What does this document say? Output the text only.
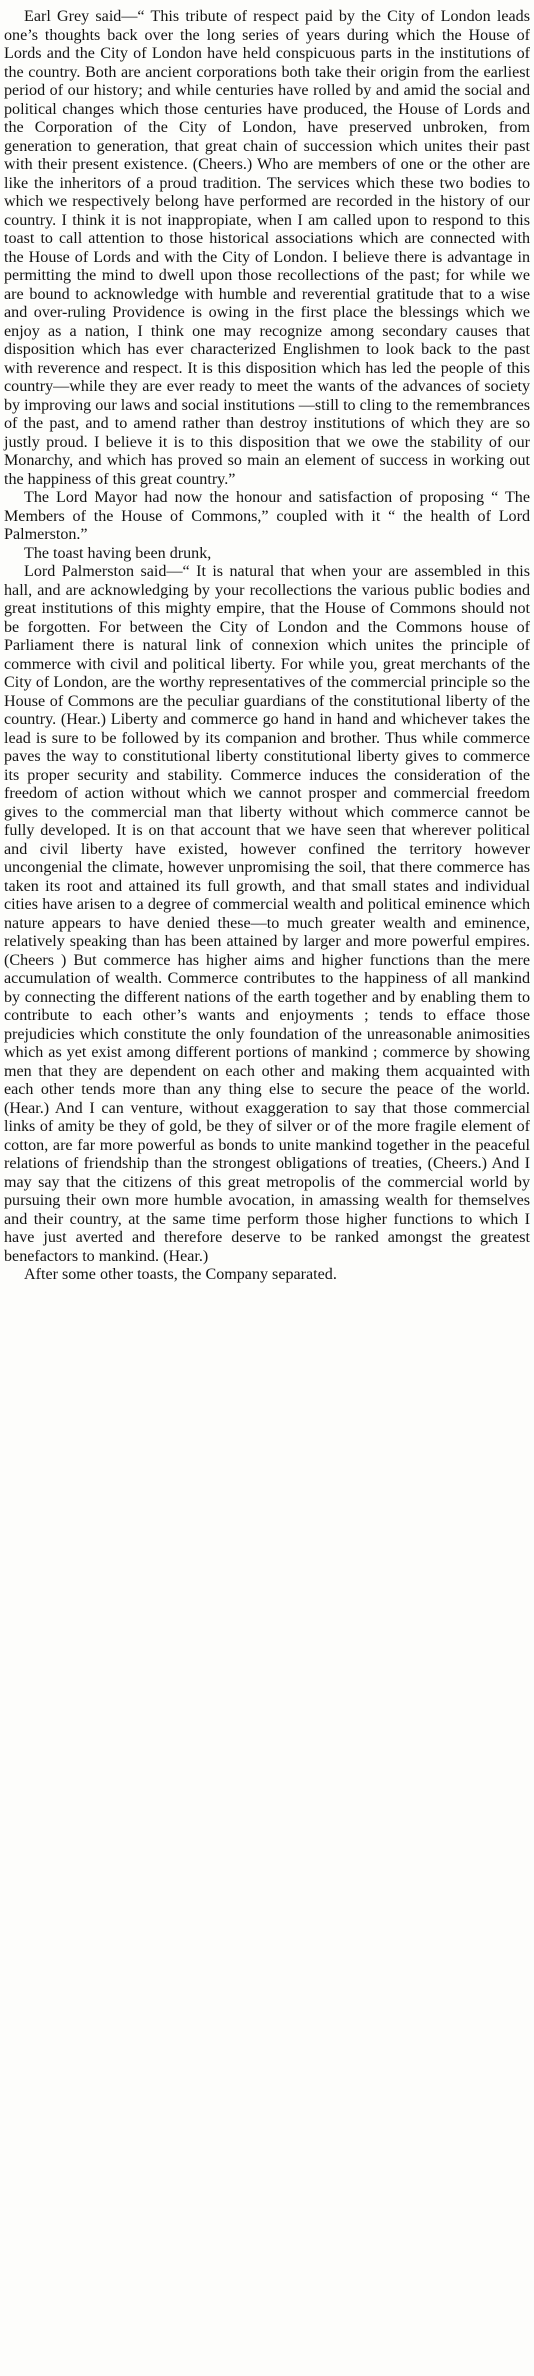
Earl Grey said—“ This tribute of respect paid by the City of London leads one’s thoughts back over the long series of years during which the House of Lords and the City of London have held conspicuous parts in the institutions of the country. Both are ancient corporations both take their origin from the earliest period of our history; and while centuries have rolled by and amid the social and political changes which those centuries have produced, the House of Lords and the Corporation of the City of London, have preserved unbroken, from generation to generation, that great chain of succession which unites their past with their present existence. (Cheers.) Who are members of one or the other are like the inheritors of a proud tradition. The services which these two bodies to which we respectively belong have performed are recorded in the history of our country. I think it is not inappropiate, when I am called upon to respond to this toast to call attention to those historical associations which are connected with the House of Lords and with the City of London. I believe there is advantage in permitting the mind to dwell upon those recollections of the past; for while we are bound to acknowledge with humble and reverential gratitude that to a wise and over-ruling Providence is owing in the first place the blessings which we enjoy as a nation, I think one may recognize among secondary causes that disposition which has ever characterized Englishmen to look back to the past with reverence and respect. It is this disposition which has led the people of this country—while they are ever ready to meet the wants of the advances of society by improving our laws and social institutions —still to cling to the remembrances of the past, and to amend rather than destroy institutions of which they are so justly proud. I believe it is to this disposition that we owe the stability of our Monarchy, and which has proved so main an element of success in working out the happiness of this great country.”

The Lord Mayor had now the honour and satisfaction of proposing “ The Members of the House of Commons,” coupled with it “ the health of Lord Palmerston.”

The toast having been drunk,

Lord Palmerston said—“ It is natural that when your are assembled in this hall, and are acknowledging by your recollections the various public bodies and great institutions of this mighty empire, that the House of Commons should not be forgotten. For between the City of London and the Commons house of Parliament there is natural link of connexion which unites the principle of commerce with civil and political liberty. For while you, great merchants of the City of London, are the worthy representatives of the commercial principle so the House of Commons are the peculiar guardians of the constitutional liberty of the country. (Hear.) Liberty and commerce go hand in hand and whichever takes the lead is sure to be followed by its companion and brother. Thus while commerce paves the way to constitutional liberty constitutional liberty gives to commerce its proper security and stability. Commerce induces the consideration of the freedom of action without which we cannot prosper and commercial freedom gives to the commercial man that liberty without which commerce cannot be fully developed. It is on that account that we have seen that wherever political and civil liberty have existed, however confined the territory however uncongenial the climate, however unpromising the soil, that there commerce has taken its root and attained its full growth, and that small states and individual cities have arisen to a degree of commercial wealth and political eminence which nature appears to have denied these—to much greater wealth and eminence, relatively speaking than has been attained by larger and more powerful empires. (Cheers ) But commerce has higher aims and higher functions than the mere accumulation of wealth. Commerce contributes to the happiness of all mankind by connecting the different nations of the earth together and by enabling them to contribute to each other’s wants and enjoyments ; tends to efface those prejudicies which constitute the only foundation of the unreasonable animosities which as yet exist among different portions of mankind ; commerce by showing men that they are dependent on each other and making them acquainted with each other tends more than any thing else to secure the peace of the world. (Hear.) And I can venture, without exaggeration to say that those commercial links of amity be they of gold, be they of silver or of the more fragile element of cotton, are far more powerful as bonds to unite mankind together in the peaceful relations of friendship than the strongest obligations of treaties, (Cheers.) And I may say that the citizens of this great metropolis of the commercial world by pursuing their own more humble avocation, in amassing wealth for themselves and their country, at the same time perform those higher functions to which I have just averted and therefore deserve to be ranked amongst the greatest benefactors to mankind. (Hear.)

After some other toasts, the Company separated.
